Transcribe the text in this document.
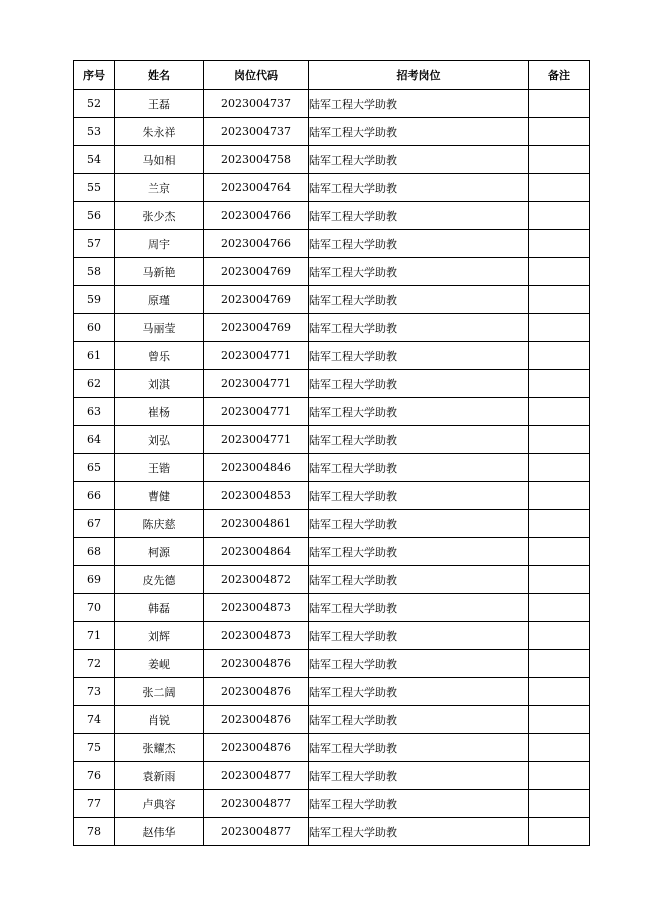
序号	姓名	岗位代码	招考岗位	备注
52	王磊	2023004737	陆军工程大学助教	
53	朱永祥	2023004737	陆军工程大学助教	
54	马如相	2023004758	陆军工程大学助教	
55	兰京	2023004764	陆军工程大学助教	
56	张少杰	2023004766	陆军工程大学助教	
57	周宇	2023004766	陆军工程大学助教	
58	马新艳	2023004769	陆军工程大学助教	
59	原瑾	2023004769	陆军工程大学助教	
60	马丽莹	2023004769	陆军工程大学助教	
61	曾乐	2023004771	陆军工程大学助教	
62	刘淇	2023004771	陆军工程大学助教	
63	崔杨	2023004771	陆军工程大学助教	
64	刘弘	2023004771	陆军工程大学助教	
65	王锴	2023004846	陆军工程大学助教	
66	曹健	2023004853	陆军工程大学助教	
67	陈庆慈	2023004861	陆军工程大学助教	
68	柯源	2023004864	陆军工程大学助教	
69	皮先德	2023004872	陆军工程大学助教	
70	韩磊	2023004873	陆军工程大学助教	
71	刘辉	2023004873	陆军工程大学助教	
72	姜岘	2023004876	陆军工程大学助教	
73	张二阔	2023004876	陆军工程大学助教	
74	肖锐	2023004876	陆军工程大学助教	
75	张耀杰	2023004876	陆军工程大学助教	
76	袁新雨	2023004877	陆军工程大学助教	
77	卢典容	2023004877	陆军工程大学助教	
78	赵伟华	2023004877	陆军工程大学助教	
